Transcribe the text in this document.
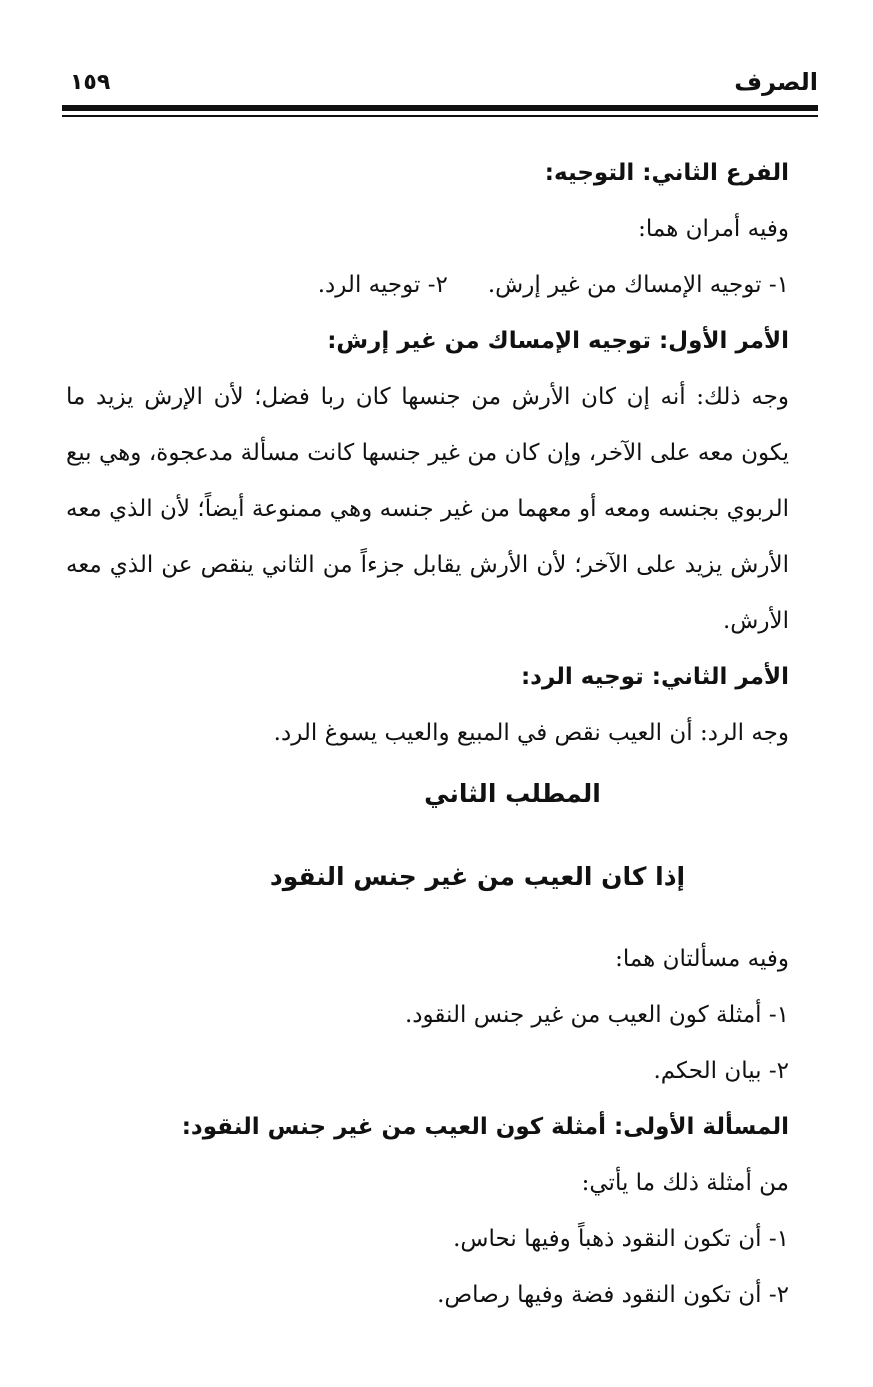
الصرف
١٥٩

الفرع الثاني: التوجيه:

وفيه أمران هما:

١- توجيه الإمساك من غير إرش.
٢- توجيه الرد.

الأمر الأول: توجيه الإمساك من غير إرش:

وجه ذلك: أنه إن كان الأرش من جنسها كان ربا فضل؛ لأن الإرش يزيد ما يكون معه على الآخر، وإن كان من غير جنسها كانت مسألة مدعجوة، وهي بيع الربوي بجنسه ومعه أو معهما من غير جنسه وهي ممنوعة أيضاً؛ لأن الذي معه الأرش يزيد على الآخر؛ لأن الأرش يقابل جزءاً من الثاني ينقص عن الذي معه الأرش.

الأمر الثاني: توجيه الرد:

وجه الرد: أن العيب نقص في المبيع والعيب يسوغ الرد.

المطلب الثاني

إذا كان العيب من غير جنس النقود

وفيه مسألتان هما:

١- أمثلة كون العيب من غير جنس النقود.

٢- بيان الحكم.

المسألة الأولى: أمثلة كون العيب من غير جنس النقود:

من أمثلة ذلك ما يأتي:

١- أن تكون النقود ذهباً وفيها نحاس.

٢- أن تكون النقود فضة وفيها رصاص.
